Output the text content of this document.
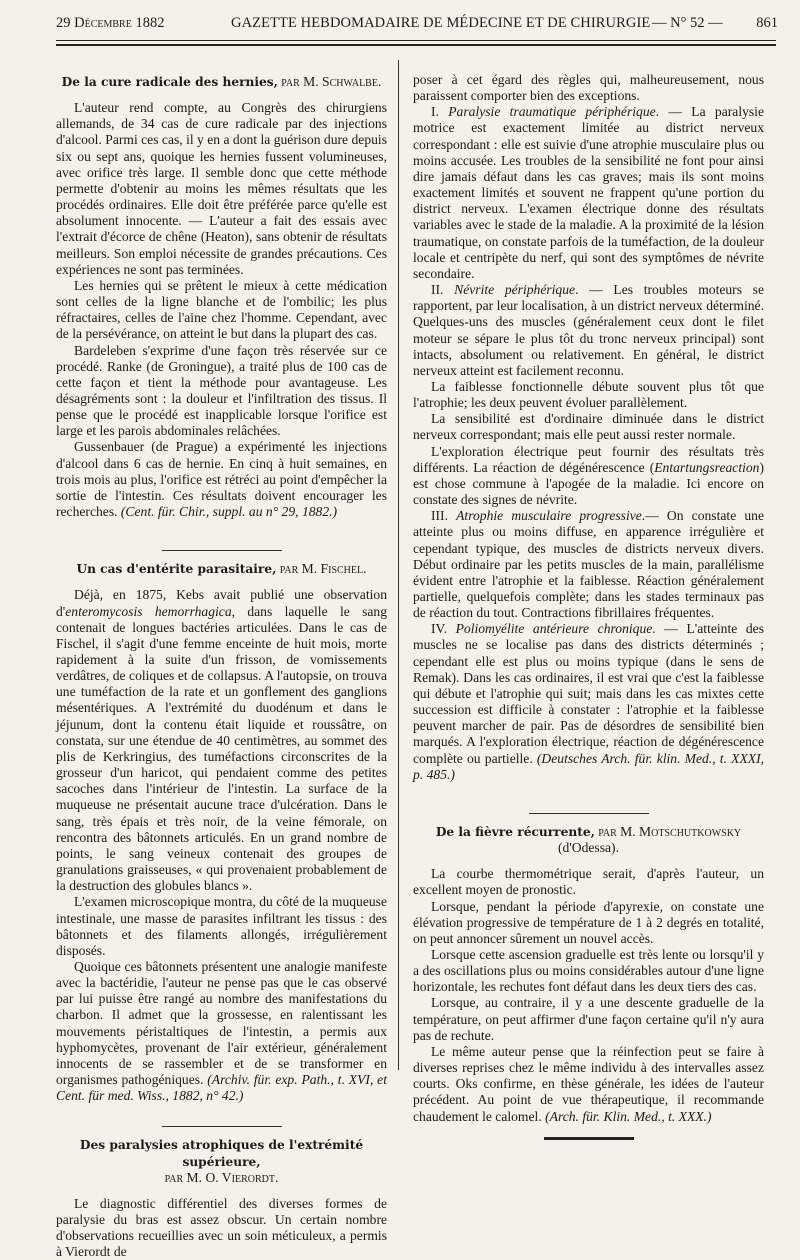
29 Décembre 1882	GAZETTE HEBDOMADAIRE DE MÉDECINE ET DE CHIRURGIE — N° 52 — 861

De la cure radicale des hernies, par M. Schwalbe.

L'auteur rend compte, au Congrès des chirurgiens allemands, de 34 cas de cure radicale par des injections d'alcool. Parmi ces cas, il y en a dont la guérison dure depuis six ou sept ans, quoique les hernies fussent volumineuses, avec orifice très large. Il semble donc que cette méthode permette d'obtenir au moins les mêmes résultats que les procédés ordinaires. Elle doit être préférée parce qu'elle est absolument innocente. — L'auteur a fait des essais avec l'extrait d'écorce de chêne (Heaton), sans obtenir de résultats meilleurs. Son emploi nécessite de grandes précautions. Ces expériences ne sont pas terminées.

Les hernies qui se prêtent le mieux à cette médication sont celles de la ligne blanche et de l'ombilic; les plus réfractaires, celles de l'aine chez l'homme. Cependant, avec de la persévérance, on atteint le but dans la plupart des cas.

Bardeleben s'exprime d'une façon très réservée sur ce procédé. Ranke (de Groningue), a traité plus de 100 cas de cette façon et tient la méthode pour avantageuse. Les désagréments sont : la douleur et l'infiltration des tissus. Il pense que le procédé est inapplicable lorsque l'orifice est large et les parois abdominales relâchées.

Gussenbauer (de Prague) a expérimenté les injections d'alcool dans 6 cas de hernie. En cinq à huit semaines, en trois mois au plus, l'orifice est rétréci au point d'empêcher la sortie de l'intestin. Ces résultats doivent encourager les recherches. (Cent. für. Chir., suppl. au n° 29, 1882.)

Un cas d'entérite parasitaire, par M. Fischel.

Déjà, en 1875, Kebs avait publié une observation d'enteromycosis hemorrhagica, dans laquelle le sang contenait de longues bactéries articulées. Dans le cas de Fischel, il s'agit d'une femme enceinte de huit mois, morte rapidement à la suite d'un frisson, de vomissements verdâtres, de coliques et de collapsus. A l'autopsie, on trouva une tuméfaction de la rate et un gonflement des ganglions mésentériques. A l'extrémité du duodénum et dans le jéjunum, dont la contenu était liquide et roussâtre, on constata, sur une étendue de 40 centimètres, au sommet des plis de Kerkringius, des tuméfactions circonscrites de la grosseur d'un haricot, qui pendaient comme des petites sacoches dans l'intérieur de l'intestin. La surface de la muqueuse ne présentait aucune trace d'ulcération. Dans le sang, très épais et très noir, de la veine fémorale, on rencontra des bâtonnets articulés. En un grand nombre de points, le sang veineux contenait des groupes de granulations graisseuses, « qui provenaient probablement de la destruction des globules blancs ».

L'examen microscopique montra, du côté de la muqueuse intestinale, une masse de parasites infiltrant les tissus : des bâtonnets et des filaments allongés, irrégulièrement disposés.

Quoique ces bâtonnets présentent une analogie manifeste avec la bactéridie, l'auteur ne pense pas que le cas observé par lui puisse être rangé au nombre des manifestations du charbon. Il admet que la grossesse, en ralentissant les mouvements péristaltiques de l'intestin, a permis aux hyphomycètes, provenant de l'air extérieur, généralement innocents de se rassembler et de se transformer en organismes pathogéniques. (Archiv. für. exp. Path., t. XVI, et Cent. für med. Wiss., 1882, n° 42.)

Des paralysies atrophiques de l'extrémité supérieure,

par M. O. Vierordt.

Le diagnostic différentiel des diverses formes de paralysie du bras est assez obscur. Un certain nombre d'observations recueillies avec un soin méticuleux, a permis à Vierordt de

poser à cet égard des règles qui, malheureusement, nous paraissent comporter bien des exceptions.

I. Paralysie traumatique périphérique. — La paralysie motrice est exactement limitée au district nerveux correspondant : elle est suivie d'une atrophie musculaire plus ou moins accusée. Les troubles de la sensibilité ne font pour ainsi dire jamais défaut dans les cas graves; mais ils sont moins exactement limités et souvent ne frappent qu'une portion du district nerveux. L'examen électrique donne des résultats variables avec le stade de la maladie. A la proximité de la lésion traumatique, on constate parfois de la tuméfaction, de la douleur locale et centripète du nerf, qui sont des symptômes de névrite secondaire.

II. Névrite périphérique. — Les troubles moteurs se rapportent, par leur localisation, à un district nerveux déterminé. Quelques-uns des muscles (généralement ceux dont le filet moteur se sépare le plus tôt du tronc nerveux principal) sont intacts, absolument ou relativement. En général, le district nerveux atteint est facilement reconnu.

La faiblesse fonctionnelle débute souvent plus tôt que l'atrophie; les deux peuvent évoluer parallèlement.

La sensibilité est d'ordinaire diminuée dans le district nerveux correspondant; mais elle peut aussi rester normale.

L'exploration électrique peut fournir des résultats très différents. La réaction de dégénérescence (Entartungsreaction) est chose commune à l'apogée de la maladie. Ici encore on constate des signes de névrite.

III. Atrophie musculaire progressive.— On constate une atteinte plus ou moins diffuse, en apparence irrégulière et cependant typique, des muscles de districts nerveux divers. Début ordinaire par les petits muscles de la main, parallélisme évident entre l'atrophie et la faiblesse. Réaction généralement partielle, quelquefois complète; dans les stades terminaux pas de réaction du tout. Contractions fibrillaires fréquentes.

IV. Poliomyélite antérieure chronique. — L'atteinte des muscles ne se localise pas dans des districts déterminés ; cependant elle est plus ou moins typique (dans le sens de Remak). Dans les cas ordinaires, il est vrai que c'est la faiblesse qui débute et l'atrophie qui suit; mais dans les cas mixtes cette succession est difficile à constater : l'atrophie et la faiblesse peuvent marcher de pair. Pas de désordres de sensibilité bien marqués. A l'exploration électrique, réaction de dégénérescence complète ou partielle. (Deutsches Arch. für. klin. Med., t. XXXI, p. 485.)

De la fièvre récurrente, par M. Motschutkowsky

(d'Odessa).

La courbe thermométrique serait, d'après l'auteur, un excellent moyen de pronostic.

Lorsque, pendant la période d'apyrexie, on constate une élévation progressive de température de 1 à 2 degrés en totalité, on peut annoncer sûrement un nouvel accès.

Lorsque cette ascension graduelle est très lente ou lorsqu'il y a des oscillations plus ou moins considérables autour d'une ligne horizontale, les rechutes font défaut dans les deux tiers des cas.

Lorsque, au contraire, il y a une descente graduelle de la température, on peut affirmer d'une façon certaine qu'il n'y aura pas de rechute.

Le même auteur pense que la réinfection peut se faire à diverses reprises chez le même individu à des intervalles assez courts. Oks confirme, en thèse générale, les idées de l'auteur précédent. Au point de vue thérapeutique, il recommande chaudement le calomel. (Arch. für. Klin. Med., t. XXX.)
